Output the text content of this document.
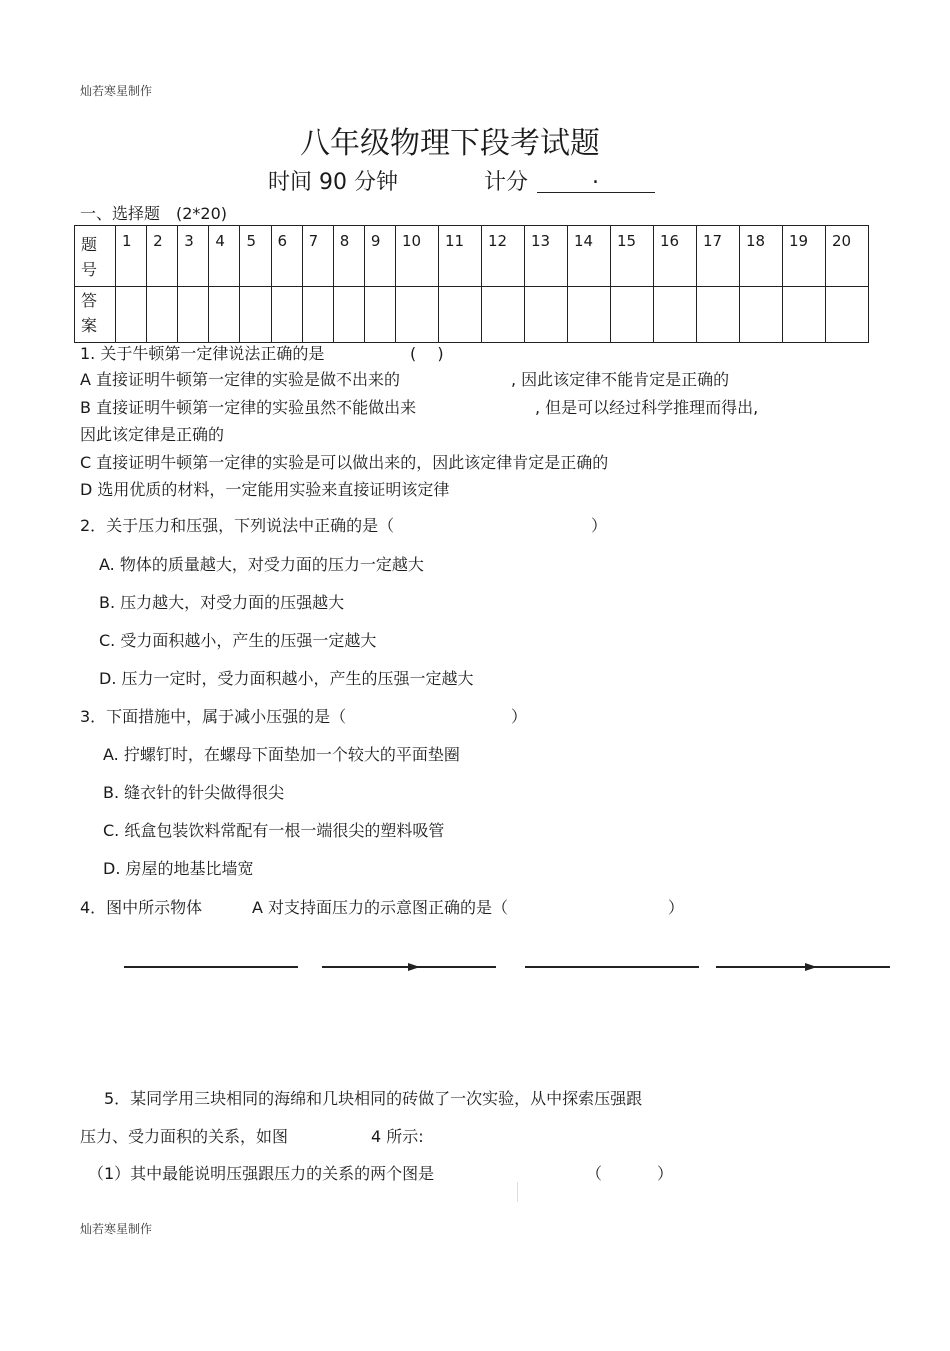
灿若寒星制作
八年级物理下段考试题
时间 90 分钟	计分	.
一、选择题　(2*20)
题
号	1	2	3	4	5	6	7	8	9	10	11	12	13	14	15	16	17	18	19	20
答
案																				
1. 关于牛顿第一定律说法正确的是	(　 )
A 直接证明牛顿第一定律的实验是做不出来的	, 因此该定律不能肯定是正确的
B 直接证明牛顿第一定律的实验虽然不能做出来	, 但是可以经过科学推理而得出,
因此该定律是正确的
C 直接证明牛顿第一定律的实验是可以做出来的，因此该定律肯定是正确的
D 选用优质的材料，一定能用实验来直接证明该定律
2．关于压力和压强，下列说法中正确的是（	）
A. 物体的质量越大，对受力面的压力一定越大
B. 压力越大，对受力面的压强越大
C. 受力面积越小，产生的压强一定越大
D. 压力一定时，受力面积越小，产生的压强一定越大
3．下面措施中，属于减小压强的是（	）
A. 拧螺钉时，在螺母下面垫加一个较大的平面垫圈
B. 缝衣针的针尖做得很尖
C. 纸盒包装饮料常配有一根一端很尖的塑料吸管
D. 房屋的地基比墙宽
4．图中所示物体	A 对支持面压力的示意图正确的是（	）
5．某同学用三块相同的海绵和几块相同的砖做了一次实验，从中探索压强跟
压力、受力面积的关系，如图	4 所示:
（1）其中最能说明压强跟压力的关系的两个图是	（	）
灿若寒星制作
